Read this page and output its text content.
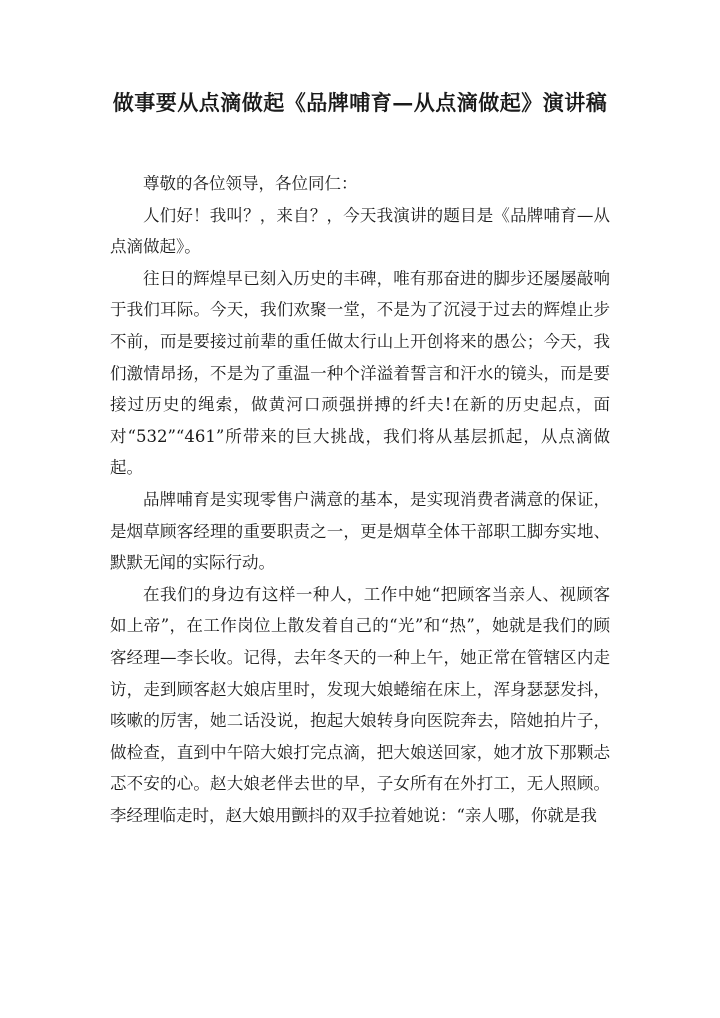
做事要从点滴做起《品牌哺育—从点滴做起》演讲稿

尊敬的各位领导，各位同仁：

人们好！我叫？，来自？，今天我演讲的题目是《品牌哺育—从点滴做起》。

往日的辉煌早已刻入历史的丰碑，唯有那奋进的脚步还屡屡敲响于我们耳际。今天，我们欢聚一堂，不是为了沉浸于过去的辉煌止步不前，而是要接过前辈的重任做太行山上开创将来的愚公；今天，我们激情昂扬，不是为了重温一种个洋溢着誓言和汗水的镜头，而是要接过历史的绳索，做黄河口顽强拼搏的纤夫!在新的历史起点，面对“532”“461”所带来的巨大挑战，我们将从基层抓起，从点滴做起。

品牌哺育是实现零售户满意的基本，是实现消费者满意的保证，是烟草顾客经理的重要职责之一，更是烟草全体干部职工脚夯实地、默默无闻的实际行动。

在我们的身边有这样一种人，工作中她“把顾客当亲人、视顾客如上帝”，在工作岗位上散发着自己的“光”和“热”，她就是我们的顾客经理—李长收。记得，去年冬天的一种上午，她正常在管辖区内走访，走到顾客赵大娘店里时，发现大娘蜷缩在床上，浑身瑟瑟发抖，咳嗽的厉害，她二话没说，抱起大娘转身向医院奔去，陪她拍片子，做检查，直到中午陪大娘打完点滴，把大娘送回家，她才放下那颗忐忑不安的心。赵大娘老伴去世的早，子女所有在外打工，无人照顾。李经理临走时，赵大娘用颤抖的双手拉着她说：“亲人哪，你就是我
